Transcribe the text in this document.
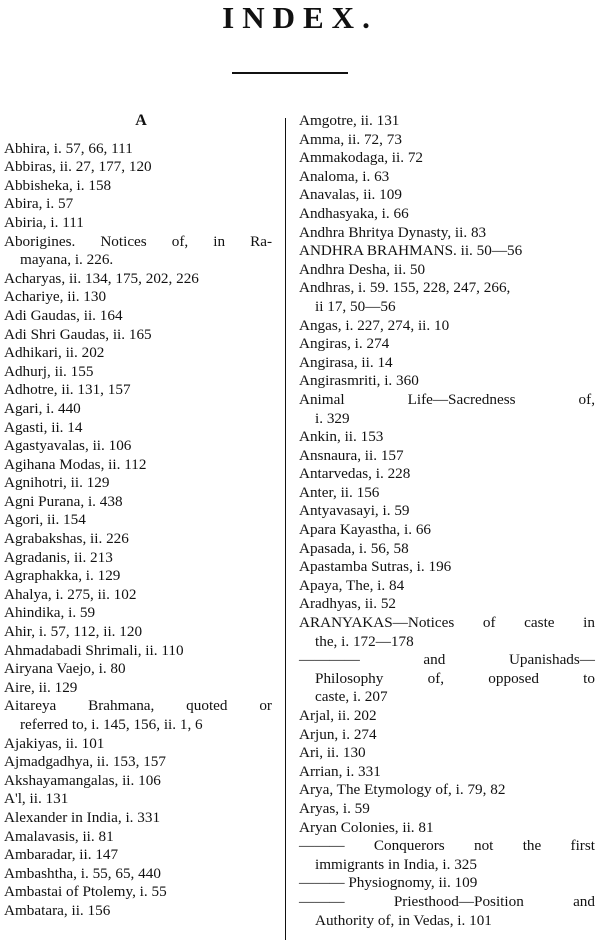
INDEX.
A
Abhira, i. 57, 66, 111
Abbiras, ii. 27, 177, 120
Abbisheka, i. 158
Abira, i. 57
Abiria, i. 111
Aborigines. Notices of, in Ra-
mayana, i. 226.
Acharyas, ii. 134, 175, 202, 226
Achariye, ii. 130
Adi Gaudas, ii. 164
Adi Shri Gaudas, ii. 165
Adhikari, ii. 202
Adhurj, ii. 155
Adhotre, ii. 131, 157
Agari, i. 440
Agasti, ii. 14
Agastyavalas, ii. 106
Agihana Modas, ii. 112
Agnihotri, ii. 129
Agni Purana, i. 438
Agori, ii. 154
Agrabakshas, ii. 226
Agradanis, ii. 213
Agraphakka, i. 129
Ahalya, i. 275, ii. 102
Ahindika, i. 59
Ahir, i. 57, 112, ii. 120
Ahmadabadi Shrimali, ii. 110
Airyana Vaejo, i. 80
Aire, ii. 129
Aitareya Brahmana, quoted or
referred to, i. 145, 156, ii. 1, 6
Ajakiyas, ii. 101
Ajmadgadhya, ii. 153, 157
Akshayamangalas, ii. 106
A'l, ii. 131
Alexander in India, i. 331
Amalavasis, ii. 81
Ambaradar, ii. 147
Ambashtha, i. 55, 65, 440
Ambastai of Ptolemy, i. 55
Ambatara, ii. 156
Amgotre, ii. 131
Amma, ii. 72, 73
Ammakodaga, ii. 72
Analoma, i. 63
Anavalas, ii. 109
Andhasyaka, i. 66
Andhra Bhritya Dynasty, ii. 83
ANDHRA BRAHMANS. ii. 50—56
Andhra Desha, ii. 50
Andhras, i. 59. 155, 228, 247, 266,
ii 17, 50—56
Angas, i. 227, 274, ii. 10
Angiras, i. 274
Angirasa, ii. 14
Angirasmriti, i. 360
Animal Life—Sacredness of,
i. 329
Ankin, ii. 153
Ansnaura, ii. 157
Antarvedas, i. 228
Anter, ii. 156
Antyavasayi, i. 59
Apara Kayastha, i. 66
Apasada, i. 56, 58
Apastamba Sutras, i. 196
Apaya, The, i. 84
Aradhyas, ii. 52
ARANYAKAS—Notices of caste in
the, i. 172—178
———— and Upanishads—
Philosophy of, opposed to
caste, i. 207
Arjal, ii. 202
Arjun, i. 274
Ari, ii. 130
Arrian, i. 331
Arya, The Etymology of, i. 79, 82
Aryas, i. 59
Aryan Colonies, ii. 81
——— Conquerors not the first
immigrants in India, i. 325
——— Physiognomy, ii. 109
——— Priesthood—Position and
Authority of, in Vedas, i. 101
